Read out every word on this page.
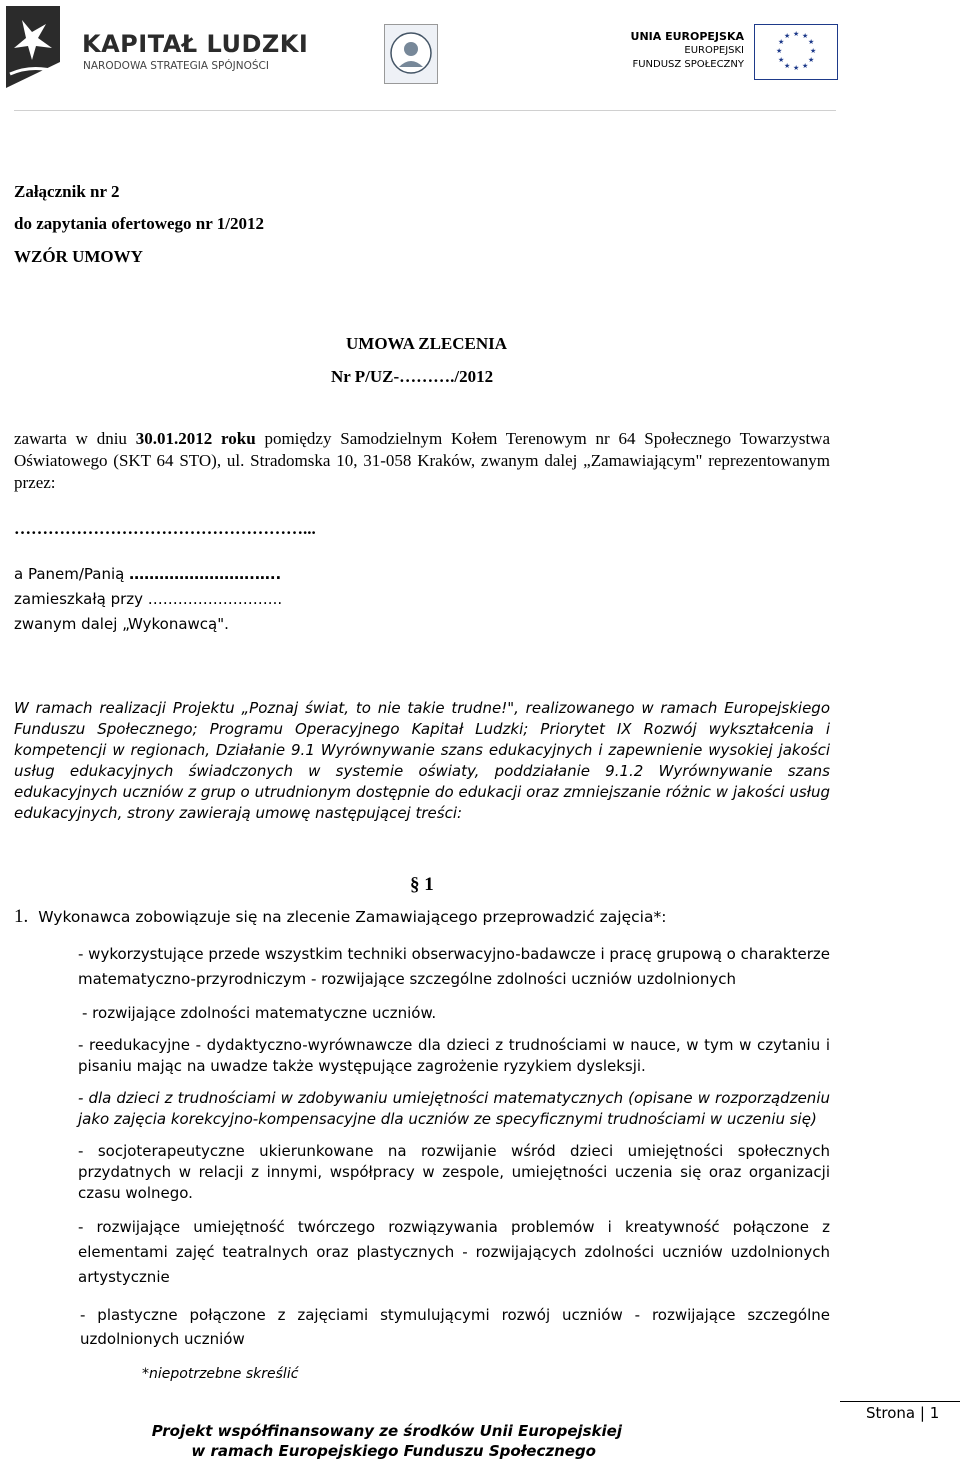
KAPITAŁ LUDZKI
NARODOWA STRATEGIA SPÓJNOŚCI
UNIA EUROPEJSKA
EUROPEJSKI
FUNDUSZ SPOŁECZNY
★ ★
★
★
★
★
★
★
★
★
★
★
Załącznik nr 2
do zapytania ofertowego nr 1/2012
WZÓR UMOWY
UMOWA ZLECENIA
Nr P/UZ-………./2012
zawarta w dniu 30.01.2012 roku pomiędzy Samodzielnym Kołem Terenowym nr 64 Społecznego Towarzystwa Oświatowego (SKT 64 STO), ul. Stradomska 10, 31-058 Kraków, zwanym dalej „Zamawiającym" reprezentowanym przez:
……………………………………………...
a Panem/Panią …………………….…..
zamieszkałą przy ……………………...
zwanym dalej „Wykonawcą".
W ramach realizacji Projektu „Poznaj świat, to nie takie trudne!", realizowanego w ramach Europejskiego Funduszu Społecznego; Programu Operacyjnego Kapitał Ludzki; Priorytet IX Rozwój wykształcenia i kompetencji w regionach, Działanie 9.1 Wyrównywanie szans edukacyjnych i zapewnienie wysokiej jakości usług edukacyjnych świadczonych w systemie oświaty, poddziałanie 9.1.2 Wyrównywanie szans edukacyjnych uczniów z grup o utrudnionym dostępnie do edukacji oraz zmniejszanie różnic w jakości usług edukacyjnych, strony zawierają umowę następującej treści:
§ 1
1. Wykonawca zobowiązuje się na zlecenie Zamawiającego przeprowadzić zajęcia*:
- wykorzystujące przede wszystkim techniki obserwacyjno-badawcze i pracę grupową o charakterze matematyczno-przyrodniczym - rozwijające szczególne zdolności uczniów uzdolnionych
- rozwijające zdolności matematyczne uczniów.
- reedukacyjne - dydaktyczno-wyrównawcze dla dzieci z trudnościami w nauce, w tym w czytaniu i pisaniu mając na uwadze także występujące zagrożenie ryzykiem dysleksji.
- dla dzieci z trudnościami w zdobywaniu umiejętności matematycznych (opisane w rozporządzeniu jako zajęcia korekcyjno-kompensacyjne dla uczniów ze specyficznymi trudnościami w uczeniu się)
- socjoterapeutyczne ukierunkowane na rozwijanie wśród dzieci umiejętności społecznych przydatnych w relacji z innymi, współpracy w zespole, umiejętności uczenia się oraz organizacji czasu wolnego.
- rozwijające umiejętność twórczego rozwiązywania problemów i kreatywność połączone z elementami zajęć teatralnych oraz plastycznych - rozwijających zdolności uczniów uzdolnionych artystycznie
- plastyczne połączone z zajęciami stymulującymi rozwój uczniów - rozwijające szczególne uzdolnionych uczniów
*niepotrzebne skreślić
Projekt współfinansowany ze środków Unii Europejskiej
w ramach Europejskiego Funduszu Społecznego
Strona | 1
